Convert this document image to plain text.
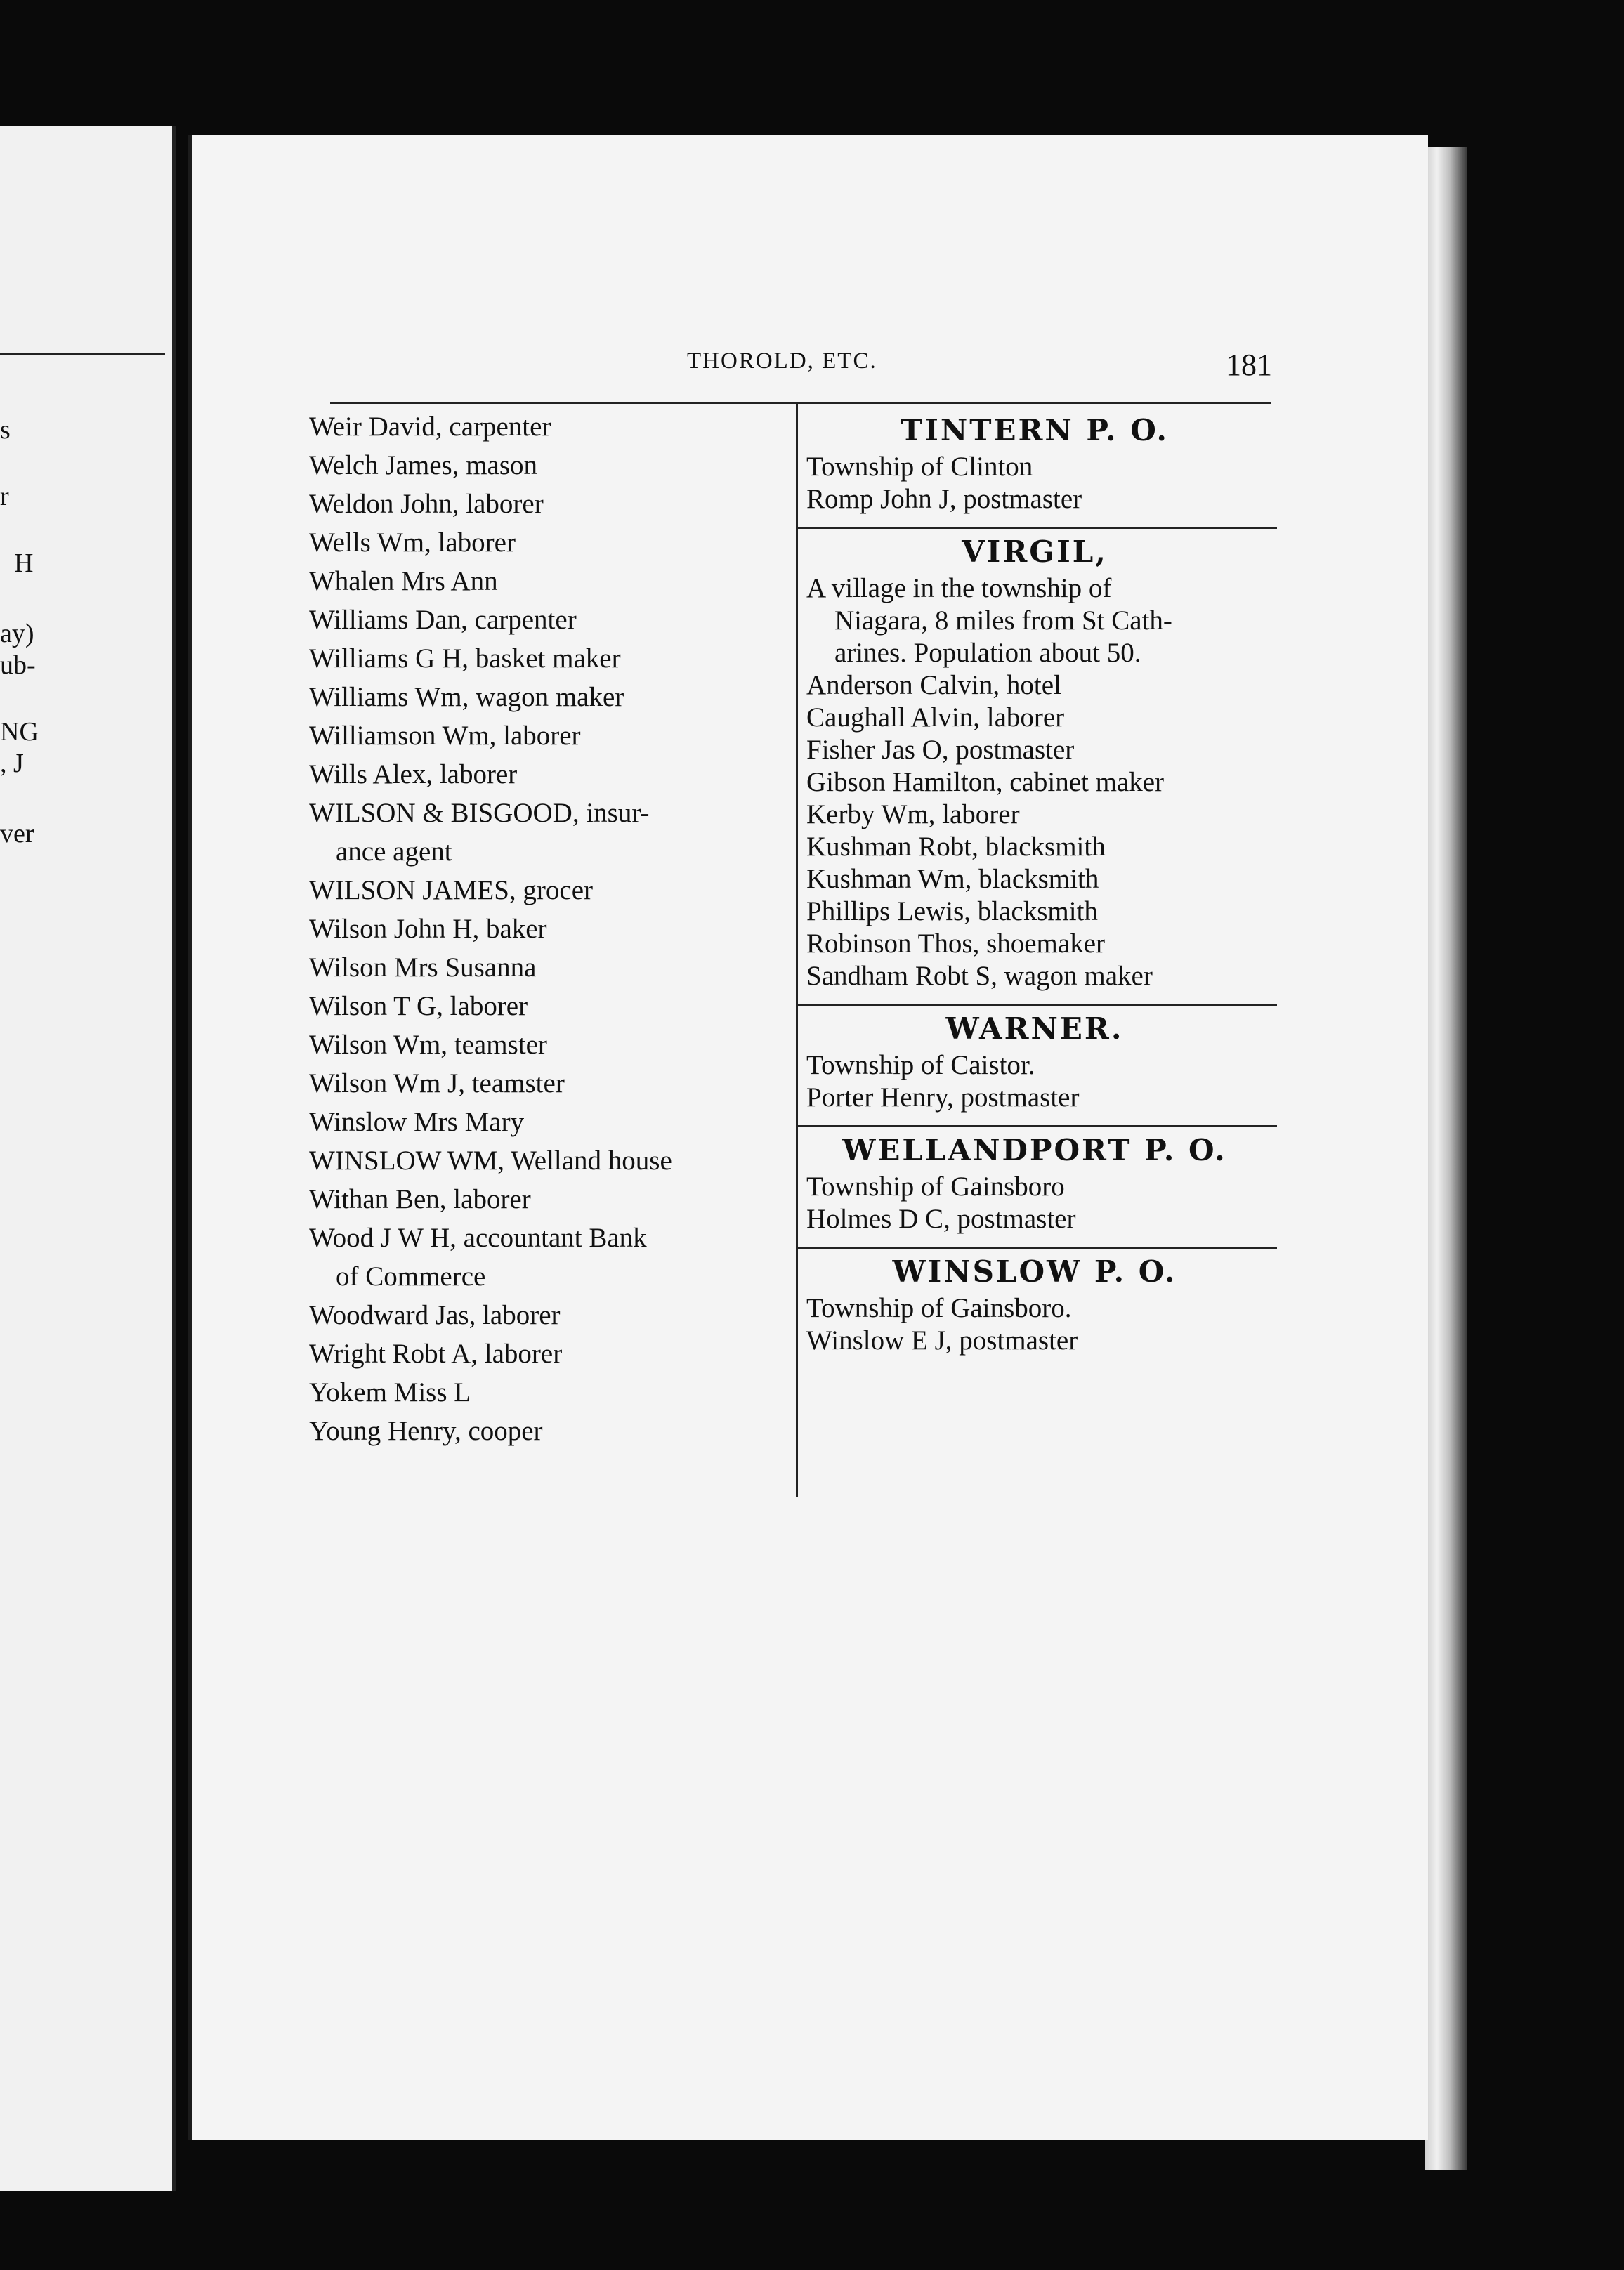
s
r
H
ay)
ub-
NG
, J
ver
THOROLD, ETC.	181
Weir David, carpenter
Welch James, mason
Weldon John, laborer
Wells Wm, laborer
Whalen Mrs Ann
Williams Dan, carpenter
Williams G H, basket maker
Williams Wm, wagon maker
Williamson Wm, laborer
Wills Alex, laborer
WILSON & BISGOOD, insur-
ance agent
WILSON JAMES, grocer
Wilson John H, baker
Wilson Mrs Susanna
Wilson T G, laborer
Wilson Wm, teamster
Wilson Wm J, teamster
Winslow Mrs Mary
WINSLOW WM, Welland house
Withan Ben, laborer
Wood J W H, accountant Bank
of Commerce
Woodward Jas, laborer
Wright Robt A, laborer
Yokem Miss L
Young Henry, cooper
TINTERN P. O.
Township of Clinton
Romp John J, postmaster
VIRGIL,
A village in the township of
Niagara, 8 miles from St Cath-
arines. Population about 50.
Anderson Calvin, hotel
Caughall Alvin, laborer
Fisher Jas O, postmaster
Gibson Hamilton, cabinet maker
Kerby Wm, laborer
Kushman Robt, blacksmith
Kushman Wm, blacksmith
Phillips Lewis, blacksmith
Robinson Thos, shoemaker
Sandham Robt S, wagon maker
WARNER.
Township of Caistor.
Porter Henry, postmaster
WELLANDPORT P. O.
Township of Gainsboro
Holmes D C, postmaster
WINSLOW P. O.
Township of Gainsboro.
Winslow E J, postmaster
